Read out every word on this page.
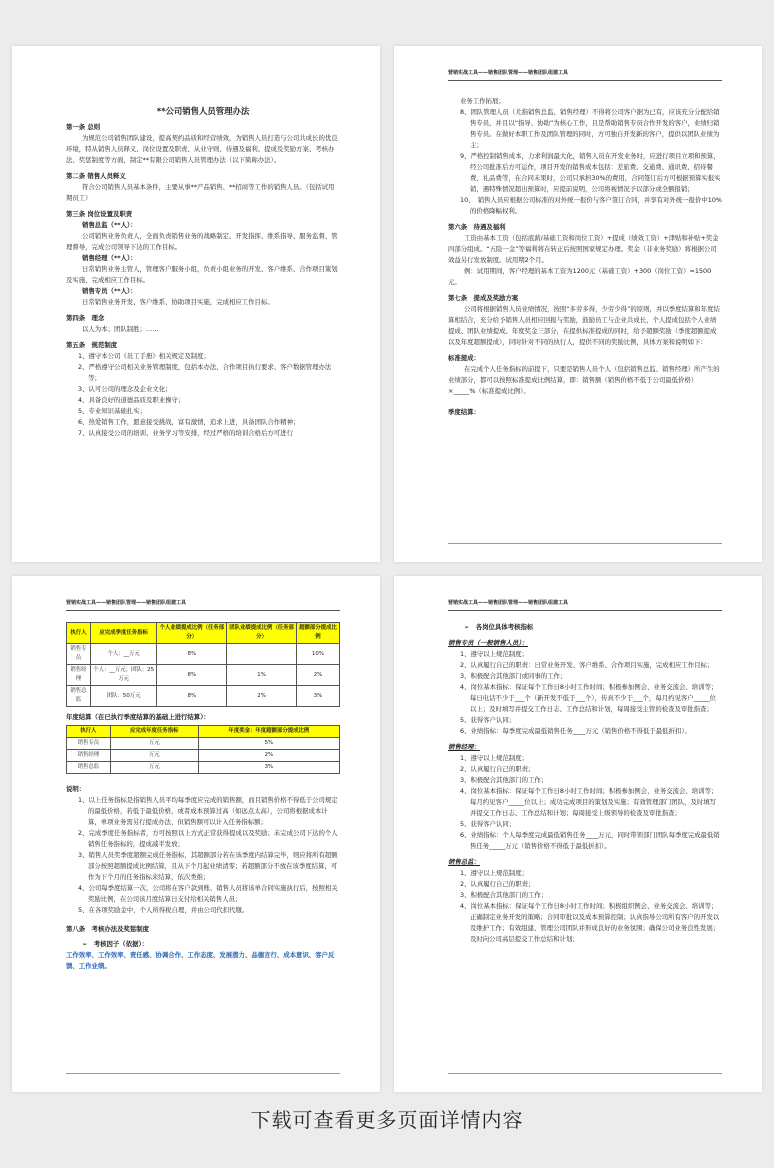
**公司销售人员管理办法
第一条 总则
为规范公司销售团队建设，提高契约品质和经营绩效，为销售人员打造与公司共成长的优良环境，特从销售人员释义、岗位设置及职责、从业守则、待遇及福利、提成及奖励方案、考核办法、奖惩制度等方面，制定**有限公司销售人员管理办法（以下简称办法）。
第二条 销售人员释义
符合公司销售人员基本条件，主要从事**产品销售、**招商等工作的销售人员。（包括试用期员工）
第三条 岗位设置及职责
销售总监（**人）：
公司销售业务负责人，全面负责销售业务的战略制定、开发指挥、维系指导、服务监督、管理督导，完成公司领导下达的工作目标。
销售经理（**人）：
日常销售业务主管人，管理客户服务小组，负责小组业务的开发、客户维系、合作项目策划及实施，完成相应工作目标。
销售专员（**人）：
日常销售业务开发、客户维系、协助项目实施，完成相应工作目标。
第四条　理念
以人为本；团队制胜；……
第五条　规范制度
1、遵守本公司《员工手册》相关规定及制度；
2、严格遵守公司相关业务管理制度，包括本办法、合作项目执行要求、客户数据管理办法等；
3、认可公司的理念及企业文化；
4、具备良好的道德品质及职业操守；
5、专业知识基础扎实；
6、热爱销售工作，愿意接受挑战，富有激情，追求上进，具备团队合作精神；
7、认真接受公司的培训、业务学习等安排，经过严格的培训合格后方可进行
营销实战工具——销售团队管理——销售团队组建工具
业务工作拓展；
8、团队管理人员（尤指销售总监、销售经理）不得将公司客户据为已有，应该充分分配给销售专员，并且以“指导、协助”为核心工作，且是帮助销售专员合作开发的客户，业绩归销售专员。在做好本职工作及团队管理的同时，方可独自开发新的客户，提供以团队业绩为主；
9、严格控制销售成本，力求利润最大化，销售人员在开发业务时，应进行项目立项和预算，经公司批准后方可运作，项目开发的销售成本包括：差旅费、交通费、通讯费、招待餐费、礼品费等，在合同未果时，公司只承担30%的费用，合同签订后方可根据预算实报实销，遇特殊情况超出预算时，应提前说明，公司将视情况予以部分或全额报销；
10、　销售人员应根据公司标准的对外统一报价与客户签订合同，并享有对外统一报价中10%的价格降幅权利。
第六条　待遇及福利
工资由基本工资（包括底薪/基础工资和岗位工资）+提成（绩效工资）+津贴和补贴+奖金四部分组成。“五险一金”等福利将在转正后按照国家规定办理。奖金（非业务奖励）将根据公司效益另行发放制度。试用期2个月。
例：试用期间，客户经理的基本工资为1200元（基础工资）+300（岗位工资）=1500元。
第七条　提成及奖励方案
公司将根据销售人员业绩情况，按照“多劳多得，少劳少得”的原则，并以季度结算和年度结算相结合，充分给予销售人员相应回报与奖励，鼓励员工与企业共成长，个人提成包括个人业绩提成、团队业绩提成、年度奖金三部分，在提供标准提成的同时，给予超额奖励（季度超额提成以及年度超额提成），同时针对不同的执行人，提供不同的奖励比例，具体方案和说明如下：
标准提成：
在完成个人任务指标的前提下，只要是销售人员个人（包括销售总监、销售经理）所产生的业绩部分，都可以按照标准提成比例结算，即：销售额（销售价格不低于公司最低价格）×_____%（标准提成比例）。
季度结算：
营销实战工具——销售团队管理——销售团队组建工具
执行人	应完成季度任务指标	个人业绩提成比例（任务部分）	团队业绩提成比例（任务部分）	超额部分提成比例
销售专员	个人：__万元	8%		10%
销售经理	个人：__万元；团队：25万元	8%	1%	2%
销售总监	团队：50万元	8%	2%	3%
年度结算（在已执行季度结算的基础上进行结算）：
执行人	应完成年度任务指标	年度奖金：年度超额部分提成比例
销售专员	万元	5%
销售经理	万元	2%
销售总监	万元	3%
说明：
1、以上任务指标是指销售人员平均每季度应完成的销售额，而且销售价格不得低于公司规定的最低价格，若低于最低价格，或者成本预算过高（如远点太高），公司将根据成本计算，单项业务需另行提成办法，但销售额可以计入任务指标额；
2、完成季度任务指标者，方可按照以上方式正常获得提成以及奖励；未完成公司下达的个人销售任务指标的，提成减半发放；
3、销售人员奖季度超额完成任务指标，其超额部分若在该季度内结算完毕，则应将所有超额部分按照超额提成比例结算，且从下个月起业绩清零；若超额部分不放在该季度结算，可作为下个月的任务指标来结算，依次类推；
4、公司每季度结算一次，公司将在客户款到账、销售人员将该单合同实施执行后，按照相关奖励比例，在公司该月度结算日支付给相关销售人员；
5、在各项奖励金中，个人所得税自理，并由公司代扣代缴。
第八条　考核办法及奖惩制度
➢　考核因子（依据）：
工作效率、工作效率、责任感、协调合作、工作态度、发展潜力、品德言行、成本意识、客户反馈、工作业绩。
营销实战工具——销售团队管理——销售团队组建工具
➢　各岗位具体考核指标
销售专员（一般销售人员）：
1、遵守以上规范制度；
2、认真履行自己的职责：日常业务开发、客户维系、合作项目实施，完成相应工作目标；
3、积极配合其他部门或同事的工作；
4、岗位基本指标：保证每个工作日8小时工作时间；积极参加例会、业务交流会、培训等；每日电话不少于___个（新开发不低于___个），传真不少于___个，每月约见客户_____位以上；及时填写并提交工作日志、工作总结和计划，每周接受主管的检查及审批指查；
5、获得客户认同；
6、业绩指标：每季度完成最低销售任务____万元（销售价格不得低于最低折扣）。
销售经理：
1、遵守以上规范制度；
2、认真履行自己的职责；
3、积极配合其他部门的工作；
4、岗位基本指标：保证每个工作日8小时工作时间；积极参加例会、业务交流会、培训等；每月约见客户_____位以上；成功完成项目的策划及实施；有效管理部门团队，及时填写并提交工作日志、工作总结和计划；每周接受上级领导的检查及审批指查；
5、获得客户认同；
6、业绩指标：个人每季度完成最低销售任务____万元，同时带领部门团队每季度完成最低销售任务_____万元（销售价格不得低于最低折扣）。
销售总监：
1、遵守以上规范制度；
2、认真履行自己的职责；
3、积极配合其他部门的工作；
4、岗位基本指标：保证每个工作日8小时工作时间；积极组织例会、业务交流会、培训等；正确制定业务开发的策略；合同审批以及成本预算控制；认真指导公司所有客户的开发以及维护工作；有效组建、管理公司团队并形成良好的业务氛围；确保公司业务良性发展；及时向公司高层提交工作总结和计划；
下载可查看更多页面详情内容
